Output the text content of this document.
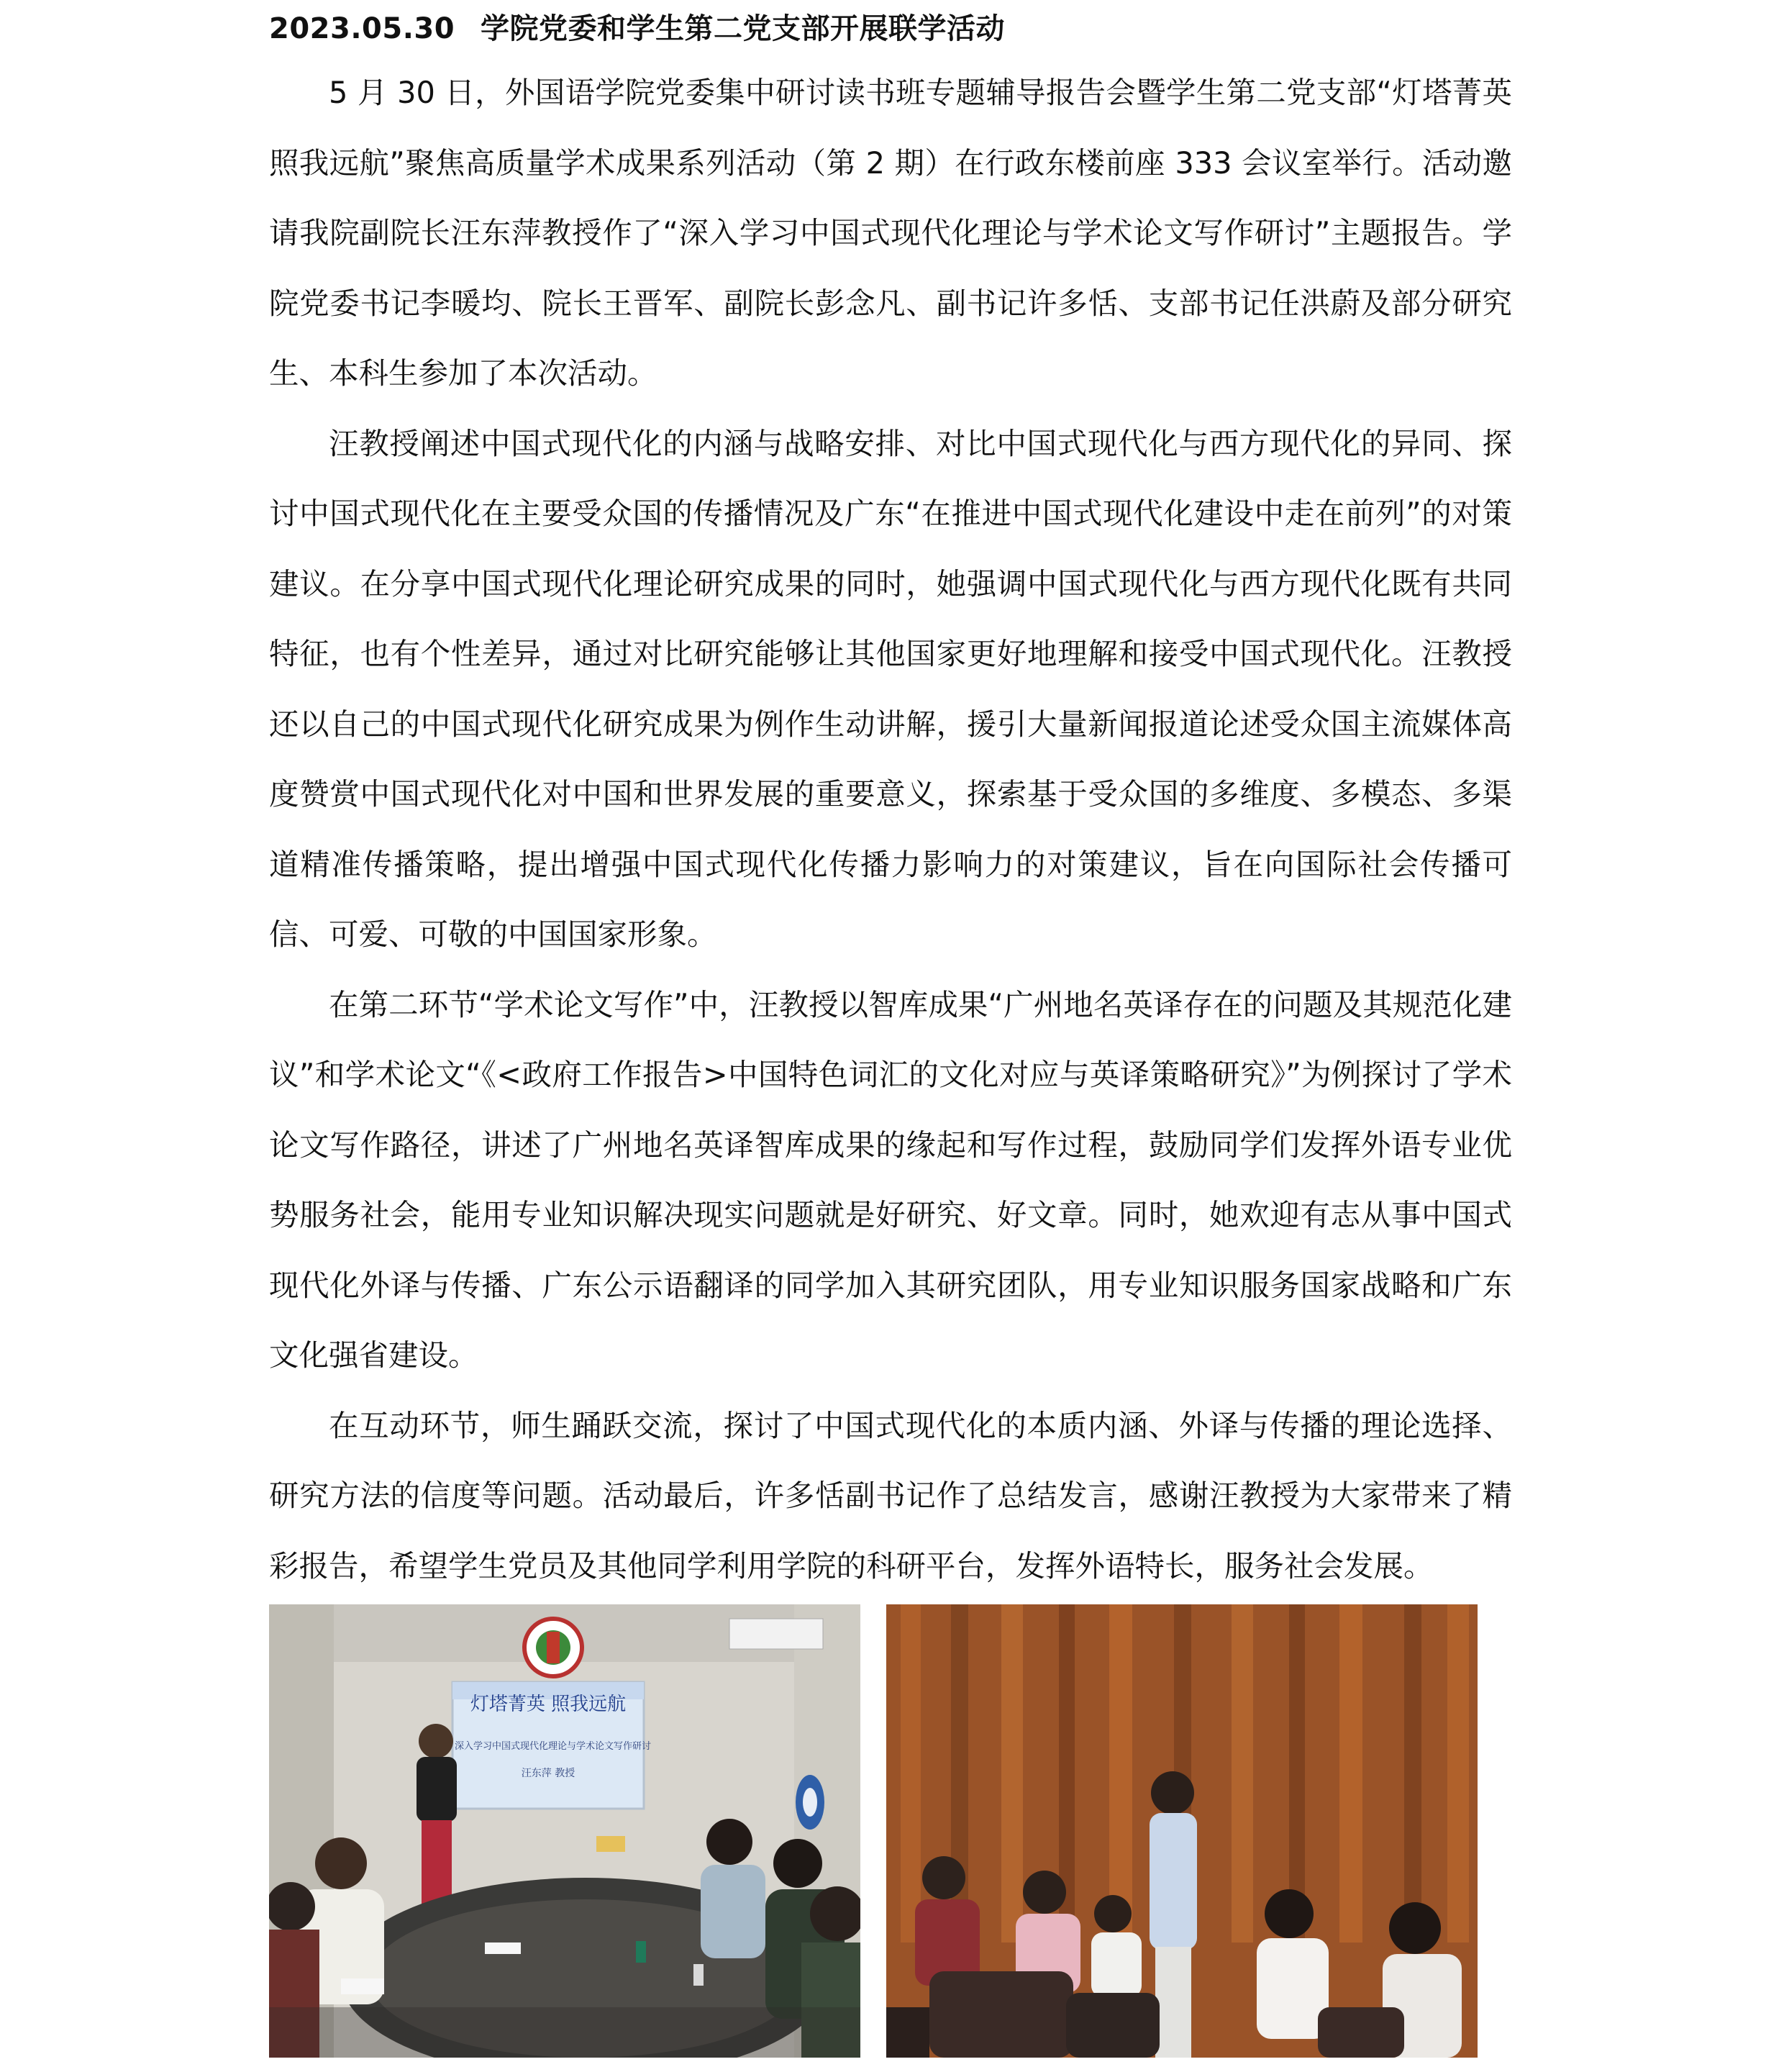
2023.05.30 学院党委和学生第二党支部开展联学活动

5 月 30 日，外国语学院党委集中研讨读书班专题辅导报告会暨学生第二党支部“灯塔菁英 照我远航”聚焦高质量学术成果系列活动（第 2 期）在行政东楼前座 333 会议室举行。活动邀请我院副院长汪东萍教授作了“深入学习中国式现代化理论与学术论文写作研讨”主题报告。学院党委书记李暖均、院长王晋军、副院长彭念凡、副书记许多恬、支部书记任洪蔚及部分研究生、本科生参加了本次活动。

汪教授阐述中国式现代化的内涵与战略安排、对比中国式现代化与西方现代化的异同、探讨中国式现代化在主要受众国的传播情况及广东“在推进中国式现代化建设中走在前列”的对策建议。在分享中国式现代化理论研究成果的同时，她强调中国式现代化与西方现代化既有共同特征，也有个性差异，通过对比研究能够让其他国家更好地理解和接受中国式现代化。汪教授还以自己的中国式现代化研究成果为例作生动讲解，援引大量新闻报道论述受众国主流媒体高度赞赏中国式现代化对中国和世界发展的重要意义，探索基于受众国的多维度、多模态、多渠道精准传播策略，提出增强中国式现代化传播力影响力的对策建议，旨在向国际社会传播可信、可爱、可敬的中国国家形象。

在第二环节“学术论文写作”中，汪教授以智库成果“广州地名英译存在的问题及其规范化建议”和学术论文“《<政府工作报告>中国特色词汇的文化对应与英译策略研究》”为例探讨了学术论文写作路径，讲述了广州地名英译智库成果的缘起和写作过程，鼓励同学们发挥外语专业优势服务社会，能用专业知识解决现实问题就是好研究、好文章。同时，她欢迎有志从事中国式现代化外译与传播、广东公示语翻译的同学加入其研究团队，用专业知识服务国家战略和广东文化强省建设。

在互动环节，师生踊跃交流，探讨了中国式现代化的本质内涵、外译与传播的理论选择、研究方法的信度等问题。活动最后，许多恬副书记作了总结发言，感谢汪教授为大家带来了精彩报告，希望学生党员及其他同学利用学院的科研平台，发挥外语特长，服务社会发展。

灯塔菁英 照我远航
深入学习中国式现代化理论与学术论文写作研讨
汪东萍 教授
